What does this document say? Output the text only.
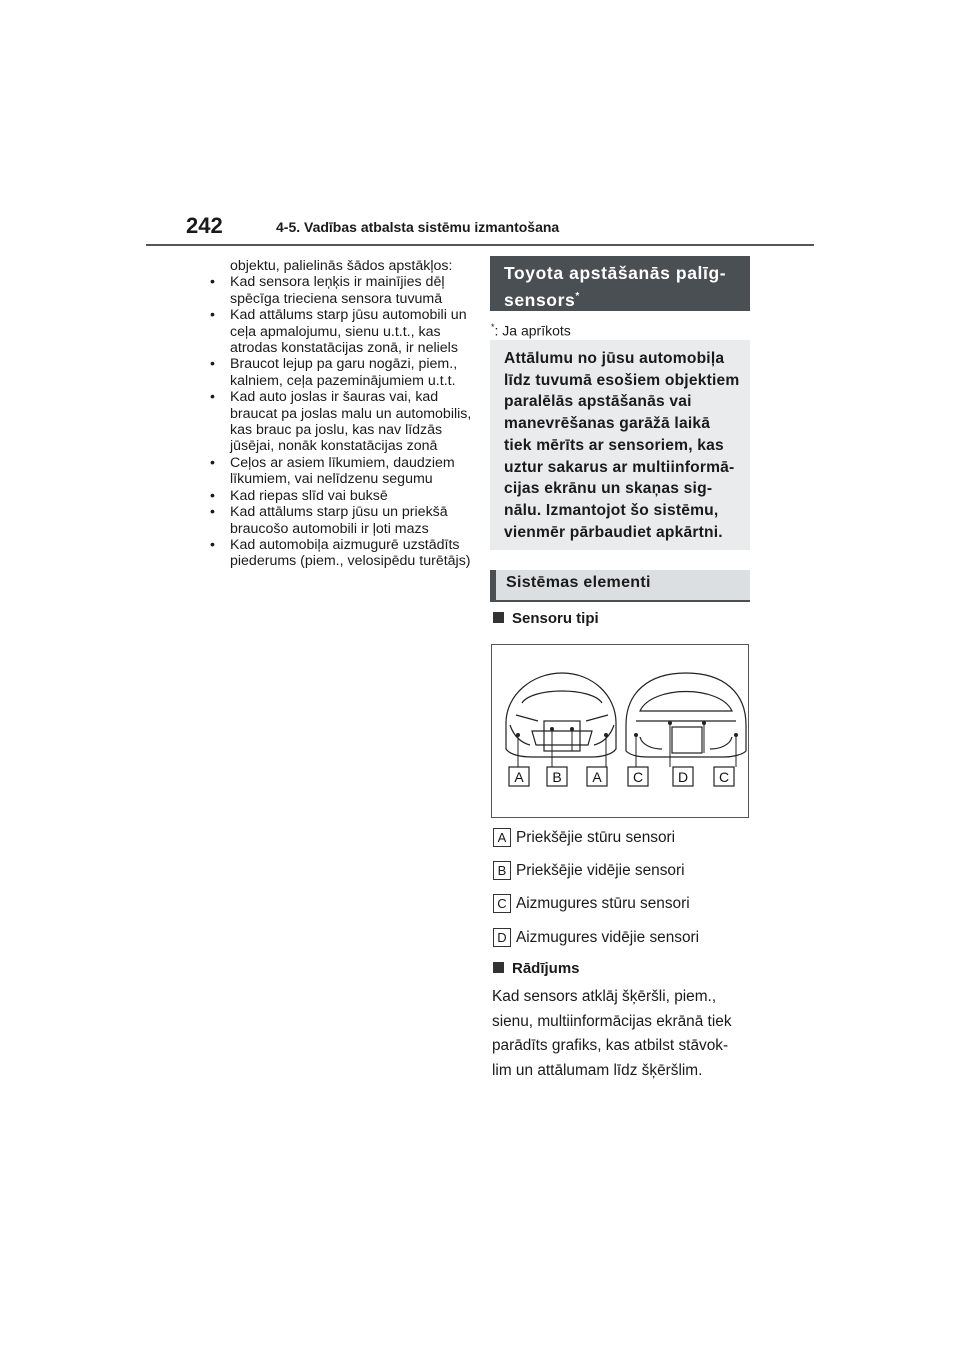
242	4-5. Vadības atbalsta sistēmu izmantošana

objektu, palielinās šādos apstākļos:

• Kad sensora leņķis ir mainījies dēļ spēcīga trieciena sensora tuvumā
• Kad attālums starp jūsu automobili un ceļa apmalojumu, sienu u.t.t., kas atrodas konstatācijas zonā, ir neliels
• Braucot lejup pa garu nogāzi, piem., kalniem, ceļa pazeminājumiem u.t.t.
• Kad auto joslas ir šauras vai, kad braucat pa joslas malu un automobilis, kas brauc pa joslu, kas nav līdzās jūsējai, nonāk konstatācijas zonā
• Ceļos ar asiem līkumiem, daudziem līkumiem, vai nelīdzenu segumu
• Kad riepas slīd vai buksē
• Kad attālums starp jūsu un priekšā braucošo automobili ir ļoti mazs
• Kad automobiļa aizmugurē uzstādīts piederums (piem., velosipēdu turētājs)
Toyota apstāšanās palīg-
sensors*
*: Ja aprīkots
Attālumu no jūsu automobiļa
līdz tuvumā esošiem objektiem
paralēlās apstāšanās vai
manevrēšanas garāžā laikā
tiek mērīts ar sensoriem, kas
uztur sakarus ar multiinformā-
cijas ekrānu un skaņas sig-
nālu. Izmantojot šo sistēmu,
vienmēr pārbaudiet apkārtni.
Sistēmas elementi
Sensoru tipi
A B A C D C
A Priekšējie stūru sensori
B Priekšējie vidējie sensori
C Aizmugures stūru sensori
D Aizmugures vidējie sensori
Rādījums
Kad sensors atklāj šķēršli, piem.,
sienu, multiinformācijas ekrānā tiek
parādīts grafiks, kas atbilst stāvok-
lim un attālumam līdz šķēršlim.
